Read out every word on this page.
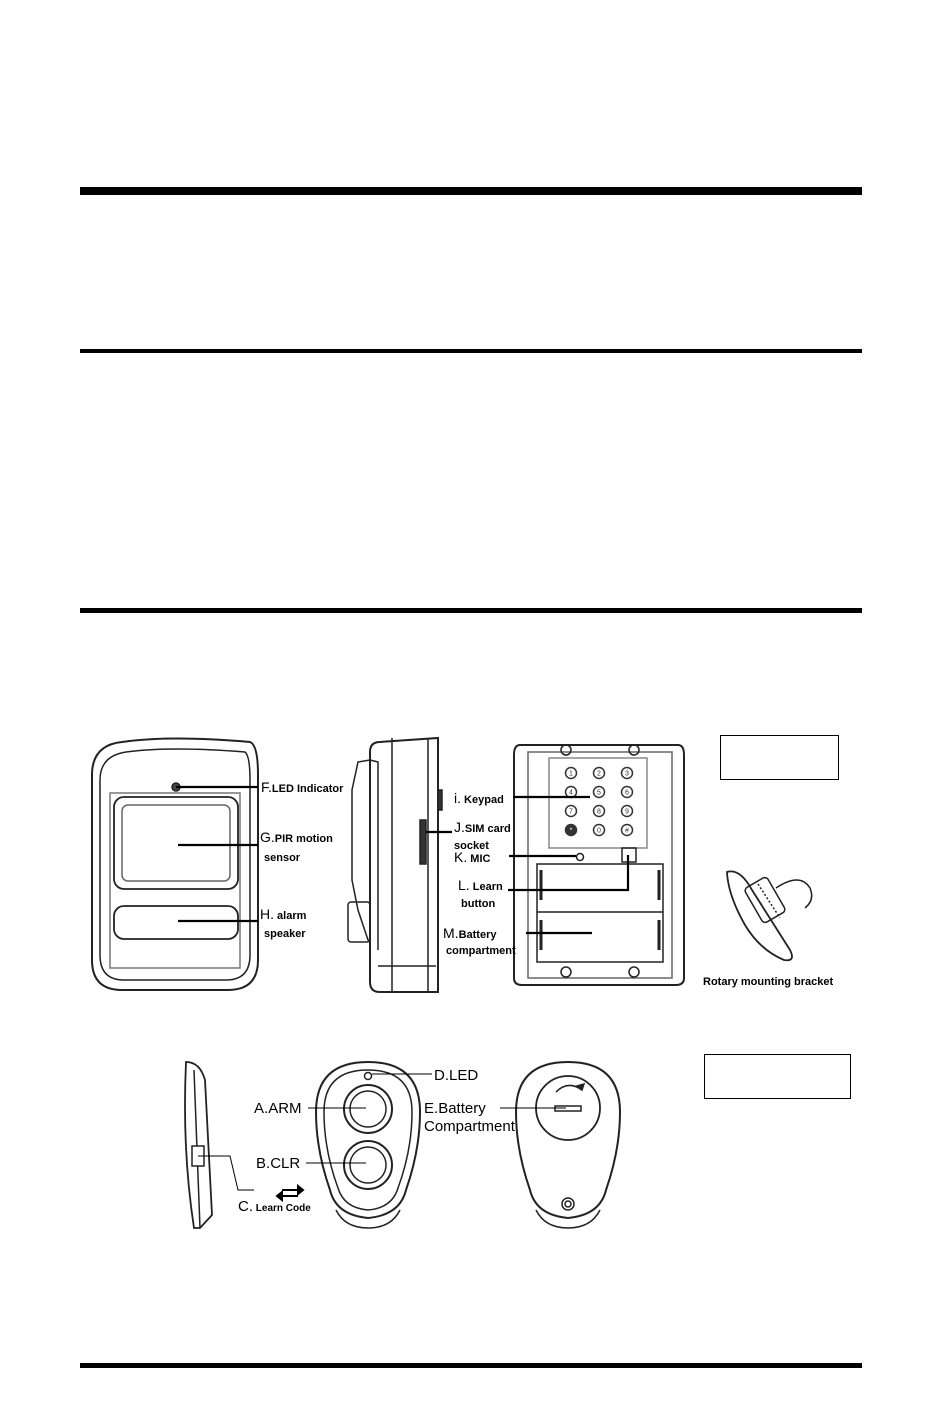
1	2	3
4	5	6
7	8	9
*	0	#
F.LED Indicator
G.PIR motion
sensor
H. alarm
speaker
i. Keypad
J.SIM card
socket
K. MIC
L. Learn
button
M.Battery
compartment
Rotary mounting bracket
D.LED
A.ARM	E.Battery
Compartment
B.CLR
C. Learn Code
